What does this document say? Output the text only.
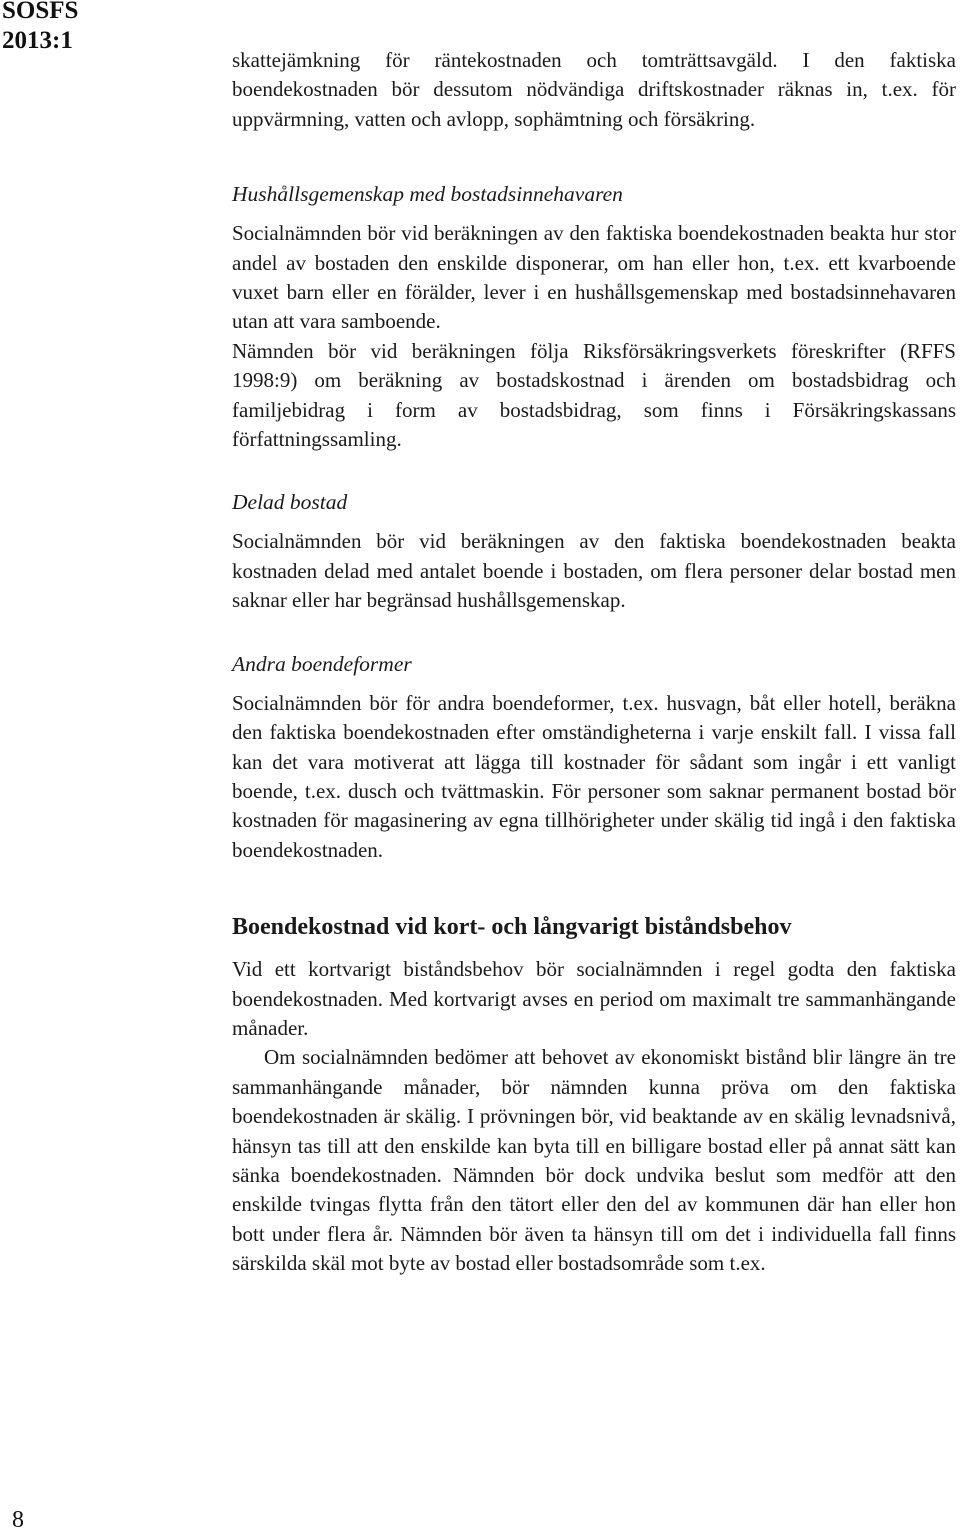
SOSFS
2013:1

skattejämkning för räntekostnaden och tomträttsavgäld. I den faktiska boendekostnaden bör dessutom nödvändiga driftskostnader räknas in, t.ex. för uppvärmning, vatten och avlopp, sophämtning och försäkring.

Hushållsgemenskap med bostadsinnehavaren

Socialnämnden bör vid beräkningen av den faktiska boendekostnaden beakta hur stor andel av bostaden den enskilde disponerar, om han eller hon, t.ex. ett kvarboende vuxet barn eller en förälder, lever i en hushållsgemenskap med bostadsinnehavaren utan att vara samboende.

Nämnden bör vid beräkningen följa Riksförsäkringsverkets föreskrifter (RFFS 1998:9) om beräkning av bostadskostnad i ärenden om bostadsbidrag och familjebidrag i form av bostadsbidrag, som finns i Försäkringskassans författningssamling.

Delad bostad

Socialnämnden bör vid beräkningen av den faktiska boendekostnaden beakta kostnaden delad med antalet boende i bostaden, om flera personer delar bostad men saknar eller har begränsad hushållsgemenskap.

Andra boendeformer

Socialnämnden bör för andra boendeformer, t.ex. husvagn, båt eller hotell, beräkna den faktiska boendekostnaden efter omständigheterna i varje enskilt fall. I vissa fall kan det vara motiverat att lägga till kostnader för sådant som ingår i ett vanligt boende, t.ex. dusch och tvättmaskin. För personer som saknar permanent bostad bör kostnaden för magasinering av egna tillhörigheter under skälig tid ingå i den faktiska boendekostnaden.

Boendekostnad vid kort- och långvarigt biståndsbehov

Vid ett kortvarigt biståndsbehov bör socialnämnden i regel godta den faktiska boendekostnaden. Med kortvarigt avses en period om maximalt tre sammanhängande månader.

Om socialnämnden bedömer att behovet av ekonomiskt bistånd blir längre än tre sammanhängande månader, bör nämnden kunna pröva om den faktiska boendekostnaden är skälig. I prövningen bör, vid beaktande av en skälig levnadsnivå, hänsyn tas till att den enskilde kan byta till en billigare bostad eller på annat sätt kan sänka boendekostnaden. Nämnden bör dock undvika beslut som medför att den enskilde tvingas flytta från den tätort eller den del av kommunen där han eller hon bott under flera år. Nämnden bör även ta hänsyn till om det i individuella fall finns särskilda skäl mot byte av bostad eller bostadsområde som t.ex.

8
